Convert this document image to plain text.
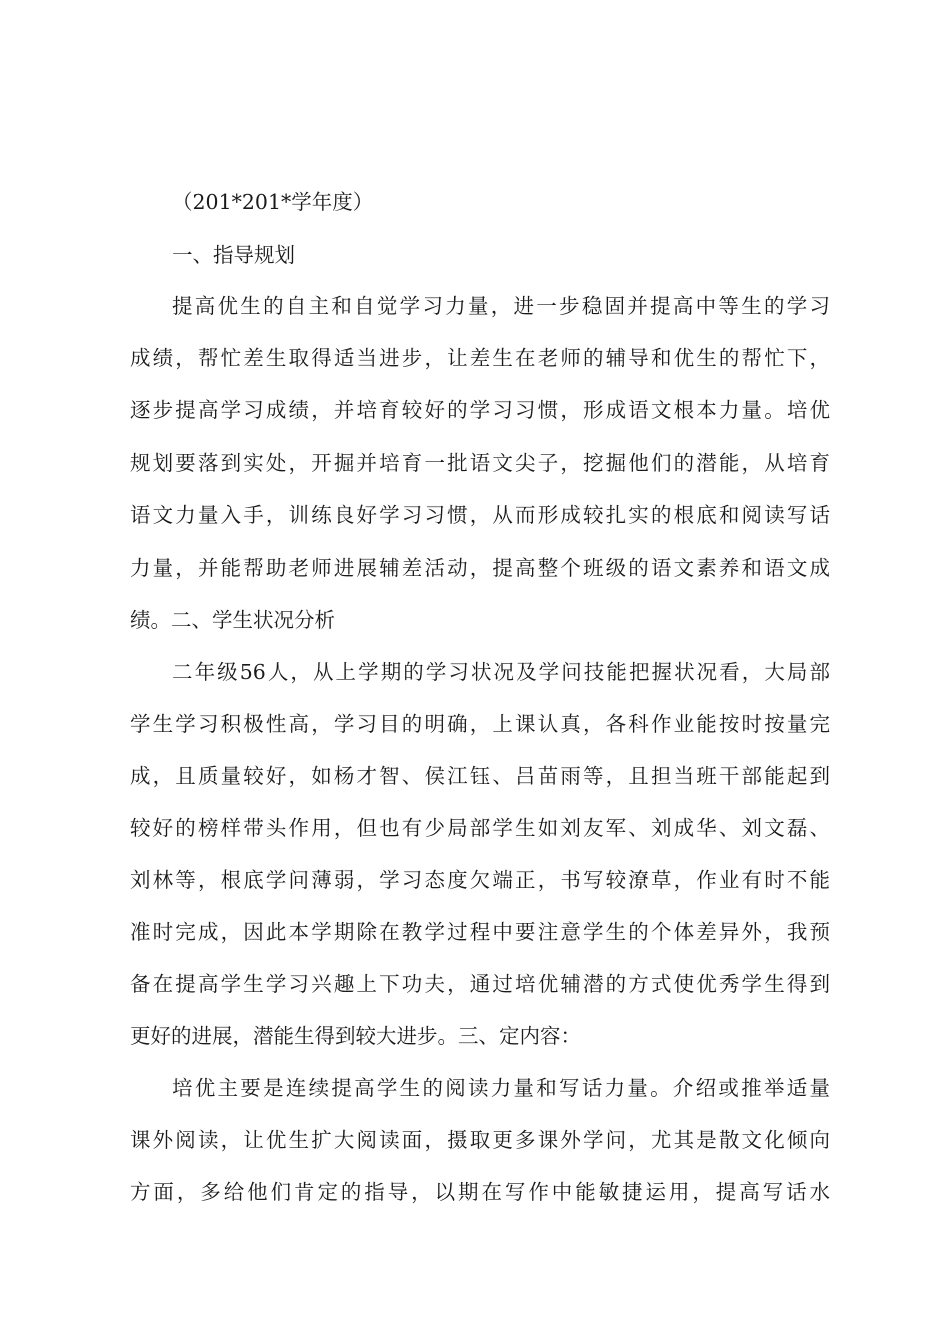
（201*201*学年度）
一、指导规划
提高优生的自主和自觉学习力量，进一步稳固并提高中等生的学习
成绩，帮忙差生取得适当进步，让差生在老师的辅导和优生的帮忙下，
逐步提高学习成绩，并培育较好的学习习惯，形成语文根本力量。培优
规划要落到实处，开掘并培育一批语文尖子，挖掘他们的潜能，从培育
语文力量入手，训练良好学习习惯，从而形成较扎实的根底和阅读写话
力量，并能帮助老师进展辅差活动，提高整个班级的语文素养和语文成
绩。二、学生状况分析
二年级56人，从上学期的学习状况及学问技能把握状况看，大局部
学生学习积极性高，学习目的明确，上课认真，各科作业能按时按量完
成，且质量较好，如杨才智、侯江钰、吕苗雨等，且担当班干部能起到
较好的榜样带头作用，但也有少局部学生如刘友军、刘成华、刘文磊、
刘林等，根底学问薄弱，学习态度欠端正，书写较潦草，作业有时不能
准时完成，因此本学期除在教学过程中要注意学生的个体差异外，我预
备在提高学生学习兴趣上下功夫，通过培优辅潜的方式使优秀学生得到
更好的进展，潜能生得到较大进步。三、定内容：
培优主要是连续提高学生的阅读力量和写话力量。介绍或推举适量
课外阅读，让优生扩大阅读面，摄取更多课外学问，尤其是散文化倾向
方面，多给他们肯定的指导，以期在写作中能敏捷运用，提高写话水
